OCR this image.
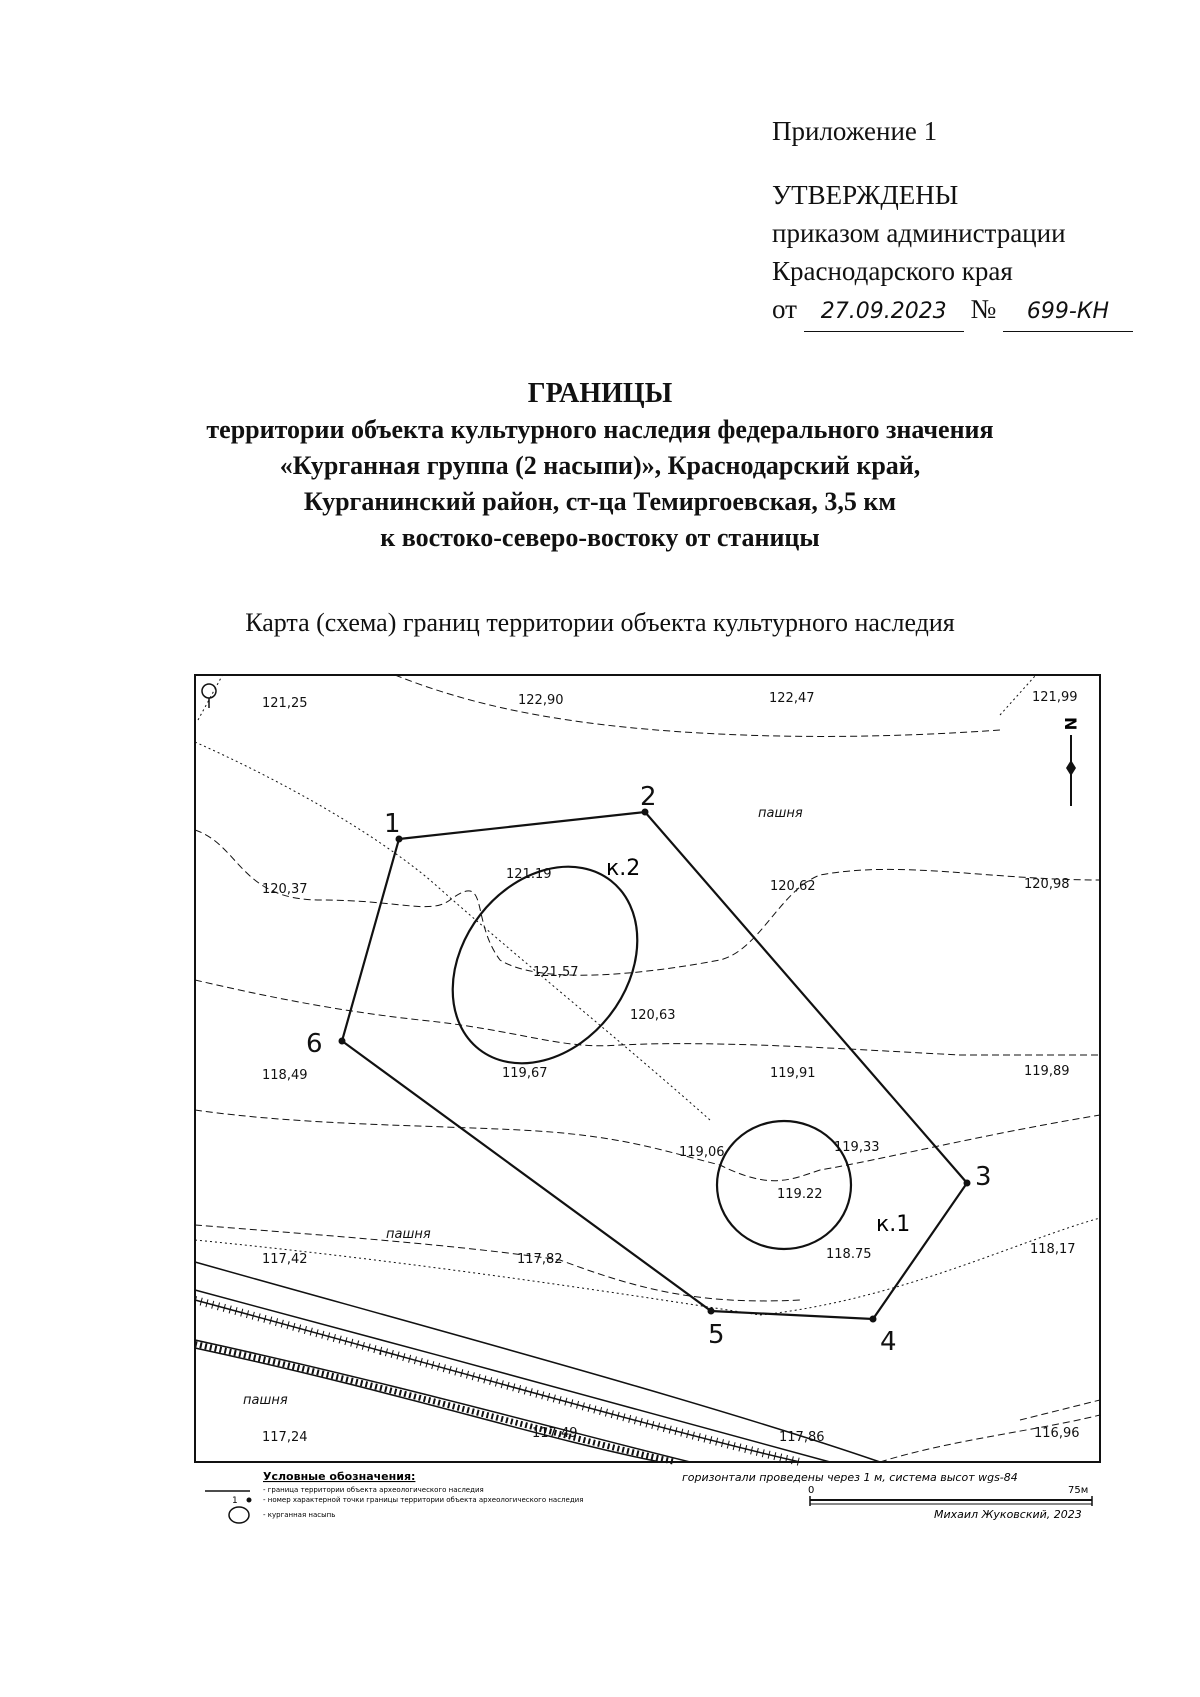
Приложение 1
УТВЕРЖДЕНЫ
приказом администрации
Краснодарского края
от 27.09.2023 № 699-КН
ГРАНИЦЫ
территории объекта культурного наследия федерального значения
«Курганная группа (2 насыпи)», Краснодарский край,
Курганинский район, ст-ца Темиргоевская, 3,5 км
к востоко-северо-востоку от станицы
Карта (схема) границ территории объекта культурного наследия
1
2
3
4
5
6
к.2
к.1
пашня
пашня
пашня
121,25	122,90	122,47	121,99
120,37
121.19
120,62	120,98
121,57
120,63
118,49	119,67	119,91	119,89
119,06	119,33
119.22
118.75
117,42	117,82
118,17
117,24	117,49	117,86	116,96
N
Условные обозначения:
- граница территории объекта археологического наследия
1	- номер характерной точки границы территории объекта археологического наследия
- курганная насыпь
горизонтали проведены через 1 м, система высот wgs-84
0	75м
Михаил Жуковский, 2023
